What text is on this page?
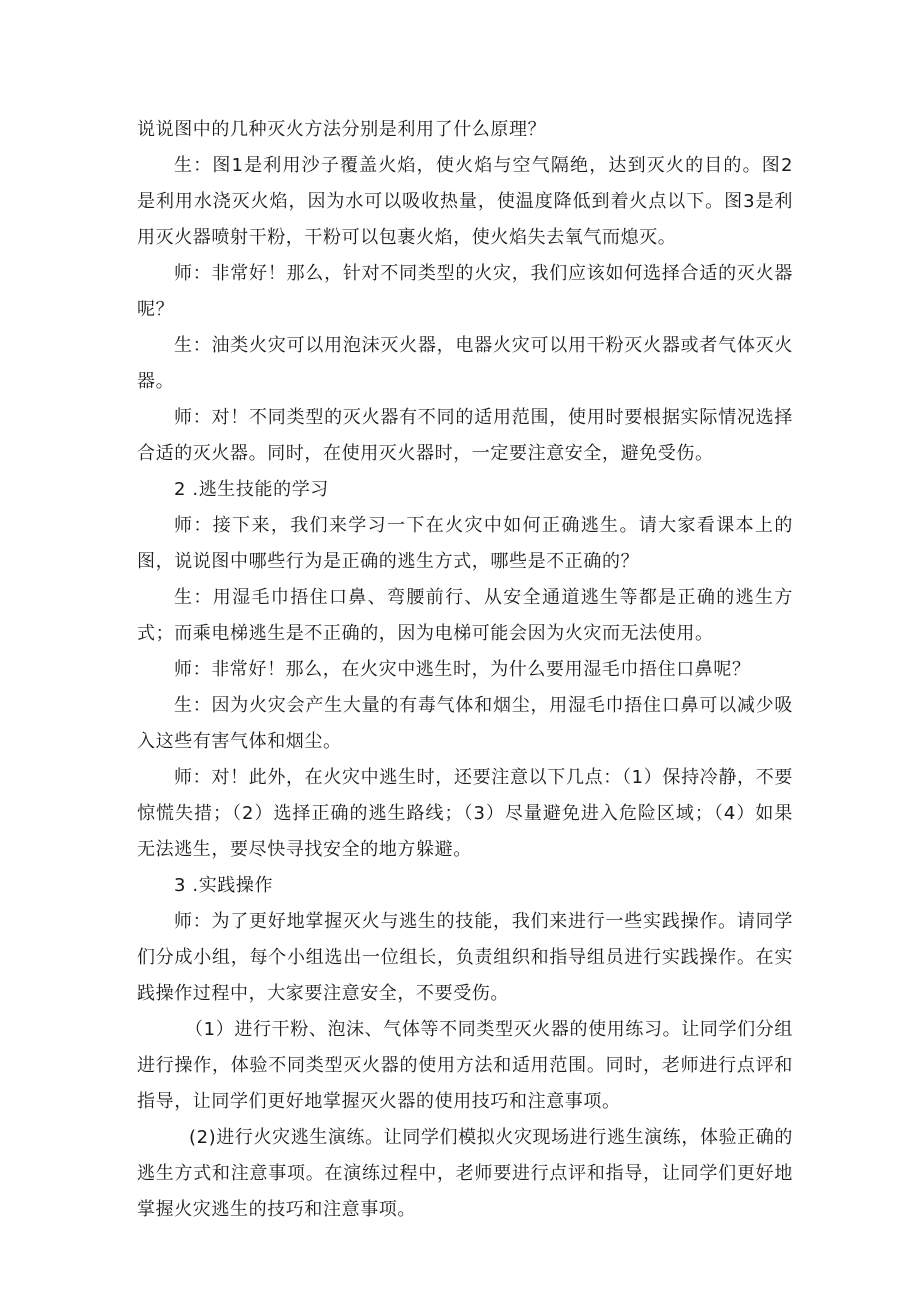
说说图中的几种灭火方法分别是利用了什么原理？

生：图1是利用沙子覆盖火焰，使火焰与空气隔绝，达到灭火的目的。图2是利用水浇灭火焰，因为水可以吸收热量，使温度降低到着火点以下。图3是利用灭火器喷射干粉，干粉可以包裹火焰，使火焰失去氧气而熄灭。

师：非常好！那么，针对不同类型的火灾，我们应该如何选择合适的灭火器呢？

生：油类火灾可以用泡沫灭火器，电器火灾可以用干粉灭火器或者气体灭火器。

师：对！不同类型的灭火器有不同的适用范围，使用时要根据实际情况选择合适的灭火器。同时，在使用灭火器时，一定要注意安全，避免受伤。

2 .逃生技能的学习

师：接下来，我们来学习一下在火灾中如何正确逃生。请大家看课本上的图，说说图中哪些行为是正确的逃生方式，哪些是不正确的？

生：用湿毛巾捂住口鼻、弯腰前行、从安全通道逃生等都是正确的逃生方式；而乘电梯逃生是不正确的，因为电梯可能会因为火灾而无法使用。

师：非常好！那么，在火灾中逃生时，为什么要用湿毛巾捂住口鼻呢？

生：因为火灾会产生大量的有毒气体和烟尘，用湿毛巾捂住口鼻可以减少吸入这些有害气体和烟尘。

师：对！此外，在火灾中逃生时，还要注意以下几点：（1）保持冷静，不要惊慌失措；（2）选择正确的逃生路线；（3）尽量避免进入危险区域；（4）如果无法逃生，要尽快寻找安全的地方躲避。

3 .实践操作

师：为了更好地掌握灭火与逃生的技能，我们来进行一些实践操作。请同学们分成小组，每个小组选出一位组长，负责组织和指导组员进行实践操作。在实践操作过程中，大家要注意安全，不要受伤。

（1）进行干粉、泡沫、气体等不同类型灭火器的使用练习。让同学们分组进行操作，体验不同类型灭火器的使用方法和适用范围。同时，老师进行点评和指导，让同学们更好地掌握灭火器的使用技巧和注意事项。

(2)进行火灾逃生演练。让同学们模拟火灾现场进行逃生演练，体验正确的逃生方式和注意事项。在演练过程中，老师要进行点评和指导，让同学们更好地掌握火灾逃生的技巧和注意事项。
